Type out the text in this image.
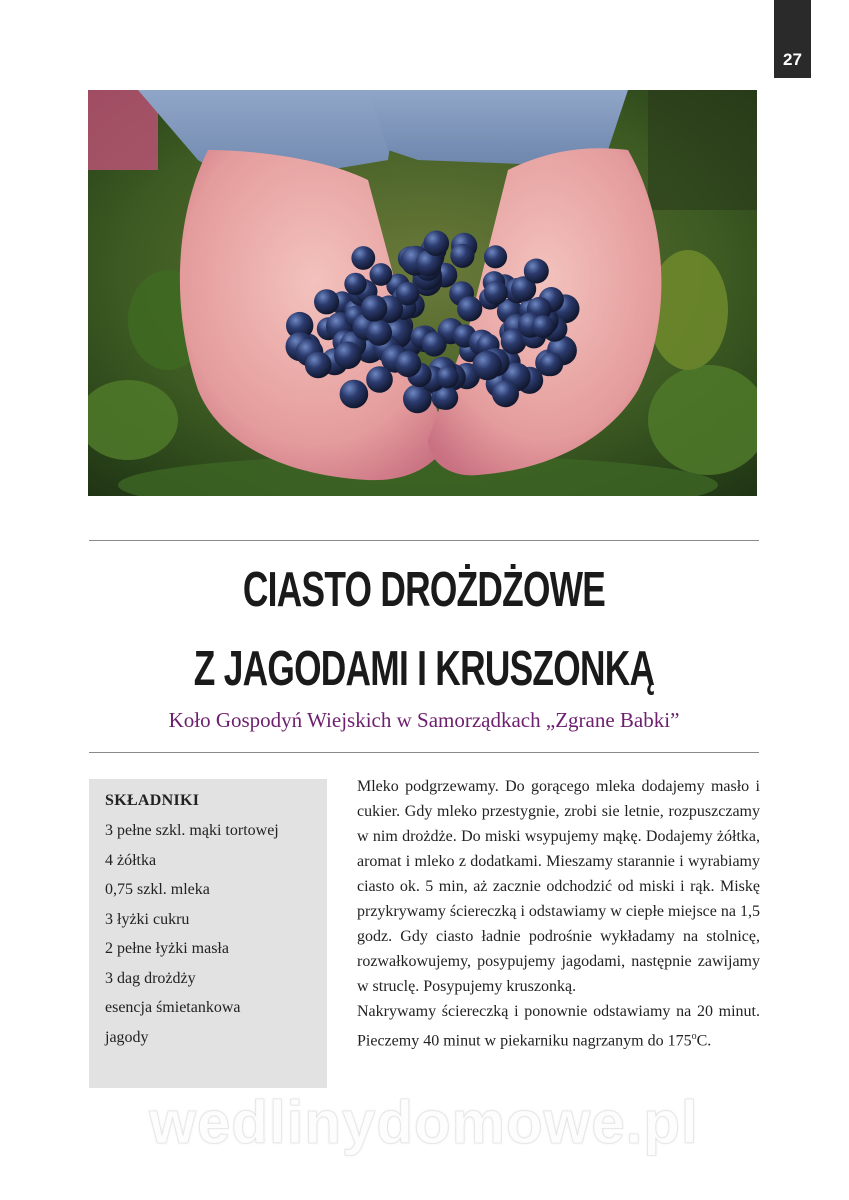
27
CIASTO DROŻDŻOWE
Z JAGODAMI I KRUSZONKĄ
Koło Gospodyń Wiejskich w Samorządkach „Zgrane Babki”

SKŁADNIKI

3 pełne szkl. mąki tortowej
4 żółtka
0,75 szkl. mleka
3 łyżki cukru
2 pełne łyżki masła
3 dag drożdży
esencja śmietankowa
jagody

Mleko podgrzewamy. Do gorącego mleka dodajemy masło i cukier. Gdy mleko przestygnie, zrobi sie letnie, rozpuszczamy w nim drożdże. Do miski wsypujemy mąkę. Dodajemy żółtka, aromat i mleko z dodatkami. Mieszamy starannie i wyrabiamy ciasto ok. 5 min, aż zacznie odchodzić od miski i rąk. Miskę przykrywamy ściereczką i odstawiamy w ciepłe miejsce na 1,5 godz. Gdy ciasto ładnie podrośnie wykładamy na stolnicę, rozwałkowujemy, posypujemy jagodami, następnie zawijamy w struclę. Posypujemy kruszonką.

Nakrywamy ściereczką i ponownie odstawiamy na 20 minut. Pieczemy 40 minut w piekarniku nagrzanym do 175$^o$C.

wedlinydomowe.pl
